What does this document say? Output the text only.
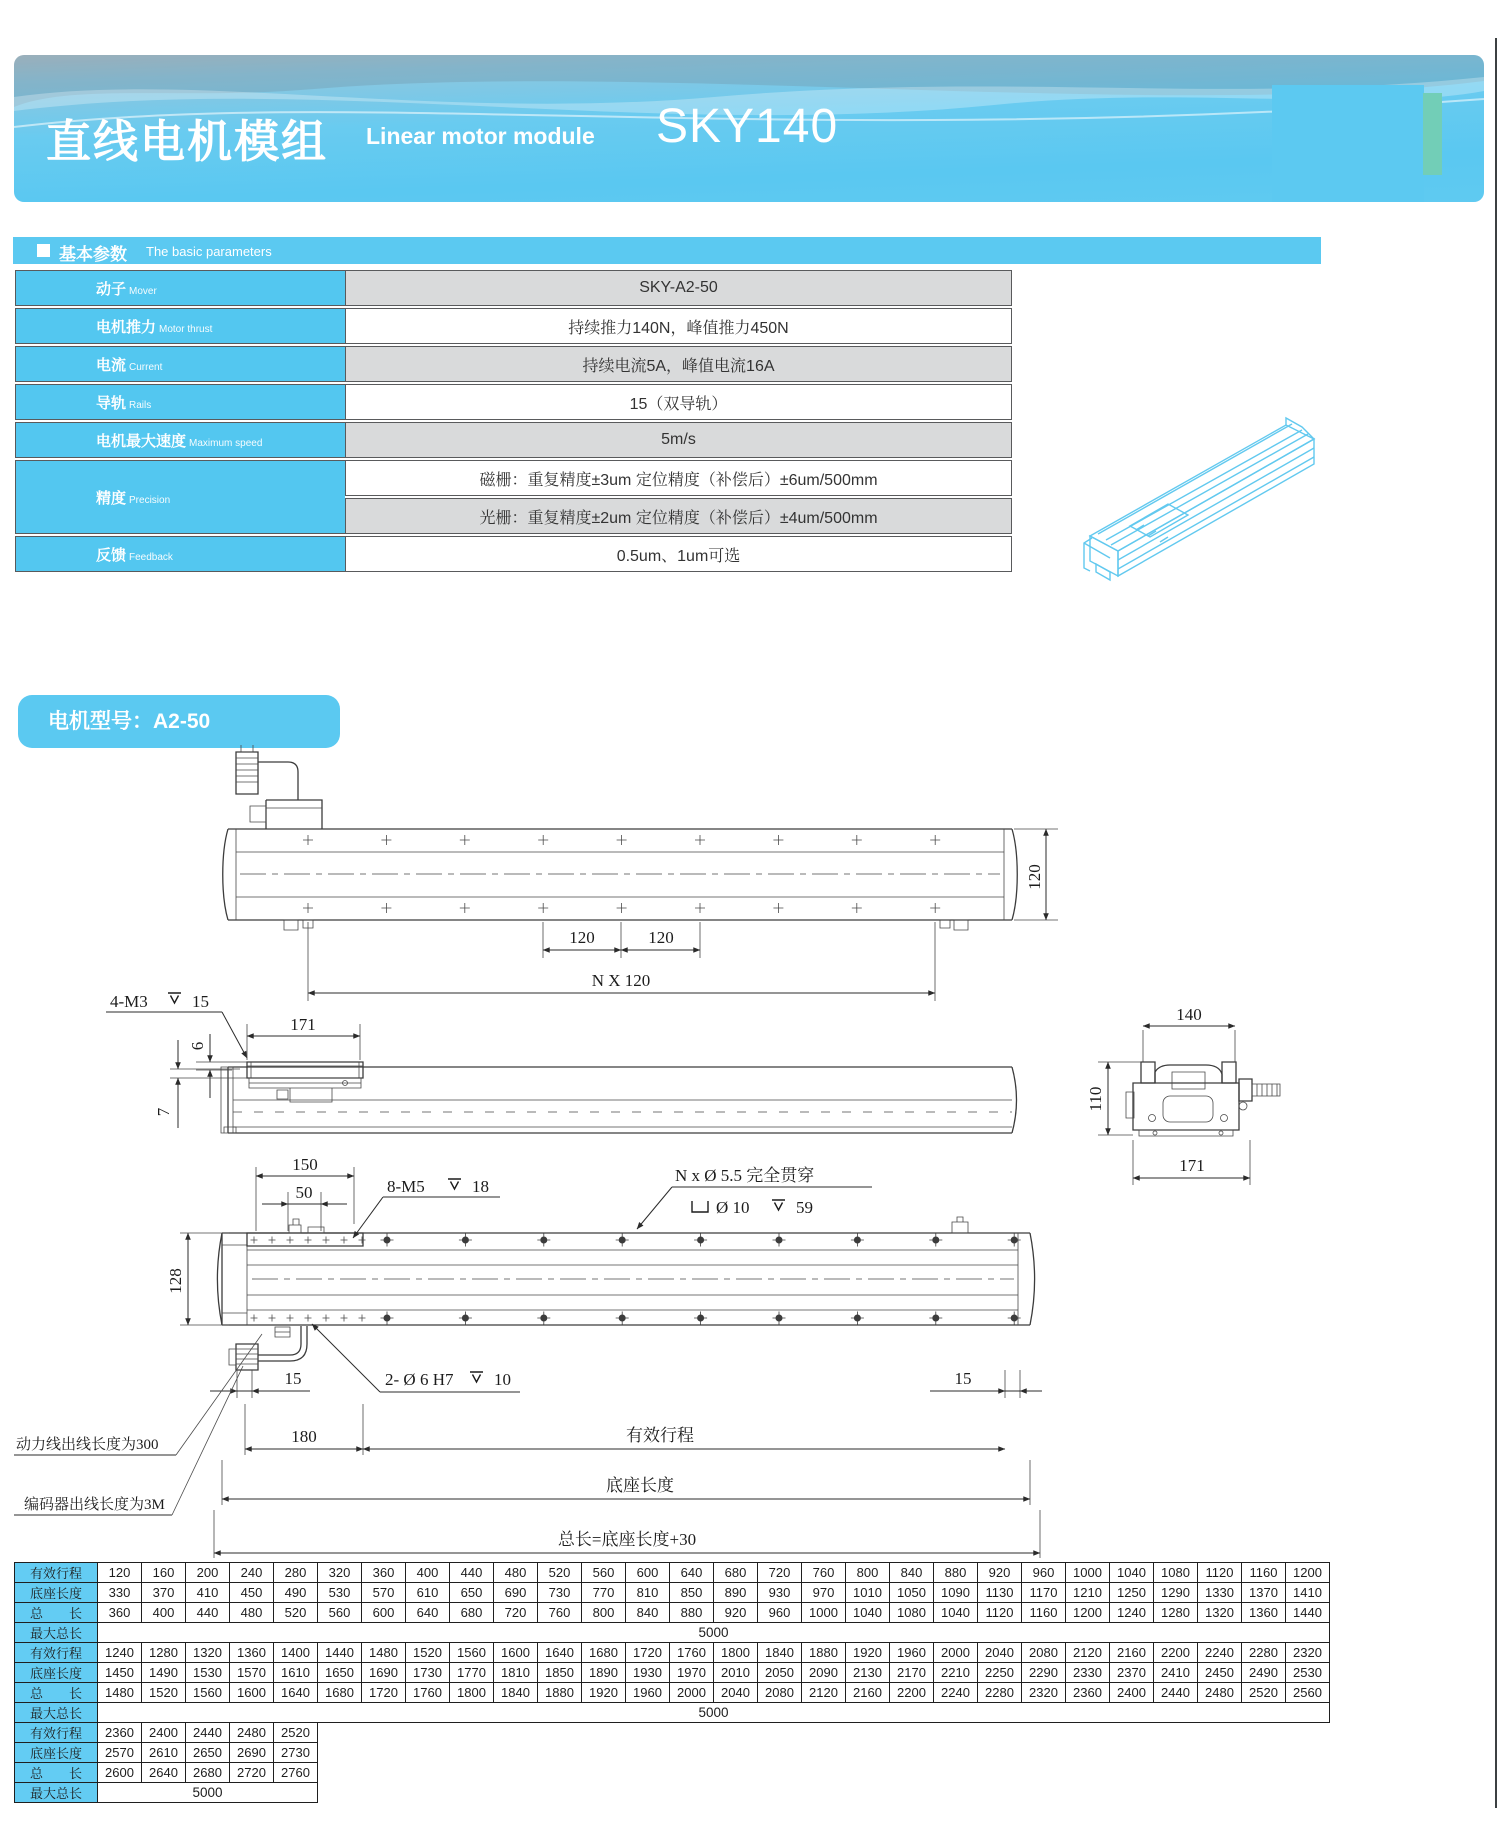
直线电机模组 Linear motor module SKY140
基本参数 The basic parameters
动子 Mover	SKY-A2-50
电机推力 Motor thrust	持续推力140N，峰值推力450N
电流 Current	持续电流5A，峰值电流16A
导轨 Rails	15（双导轨）
电机最大速度 Maximum speed	5m/s
精度 Precision	磁栅：重复精度±3um 定位精度（补偿后）±6um/500mm
	光栅：重复精度±2um 定位精度（补偿后）±4um/500mm
反馈 Feedback	0.5um、1um可选
电机型号：A2-50
120
120	120
N X 120
4-M3	15
171
6
7
140
110
171
150
50	8-M5	18
N x Ø 5.5 完全贯穿
Ø 10	59
2- Ø 6 H7 10
128
15	15
180	有效行程
底座长度
总长=底座长度+30
动力线出线长度为300
编码器出线长度为3M
有效行程	120	160	200	240	280	320	360	400	440	480	520	560	600	640	680	720	760	800	840	880	920	960	1000	1040	1080	1120	1160	1200
底座长度	330	370	410	450	490	530	570	610	650	690	730	770	810	850	890	930	970	1010	1050	1090	1130	1170	1210	1250	1290	1330	1370	1410
总　　长	360	400	440	480	520	560	600	640	680	720	760	800	840	880	920	960	1000	1040	1080	1040	1120	1160	1200	1240	1280	1320	1360	1440
最大总长	5000																											
有效行程	1240	1280	1320	1360	1400	1440	1480	1520	1560	1600	1640	1680	1720	1760	1800	1840	1880	1920	1960	2000	2040	2080	2120	2160	2200	2240	2280	2320
底座长度	1450	1490	1530	1570	1610	1650	1690	1730	1770	1810	1850	1890	1930	1970	2010	2050	2090	2130	2170	2210	2250	2290	2330	2370	2410	2450	2490	2530
总　　长	1480	1520	1560	1600	1640	1680	1720	1760	1800	1840	1880	1920	1960	2000	2040	2080	2120	2160	2200	2240	2280	2320	2360	2400	2440	2480	2520	2560
最大总长	5000																											
有效行程	2360	2400	2440	2480	2520
底座长度	2570	2610	2650	2690	2730
总　　长	2600	2640	2680	2720	2760
最大总长	5000				
